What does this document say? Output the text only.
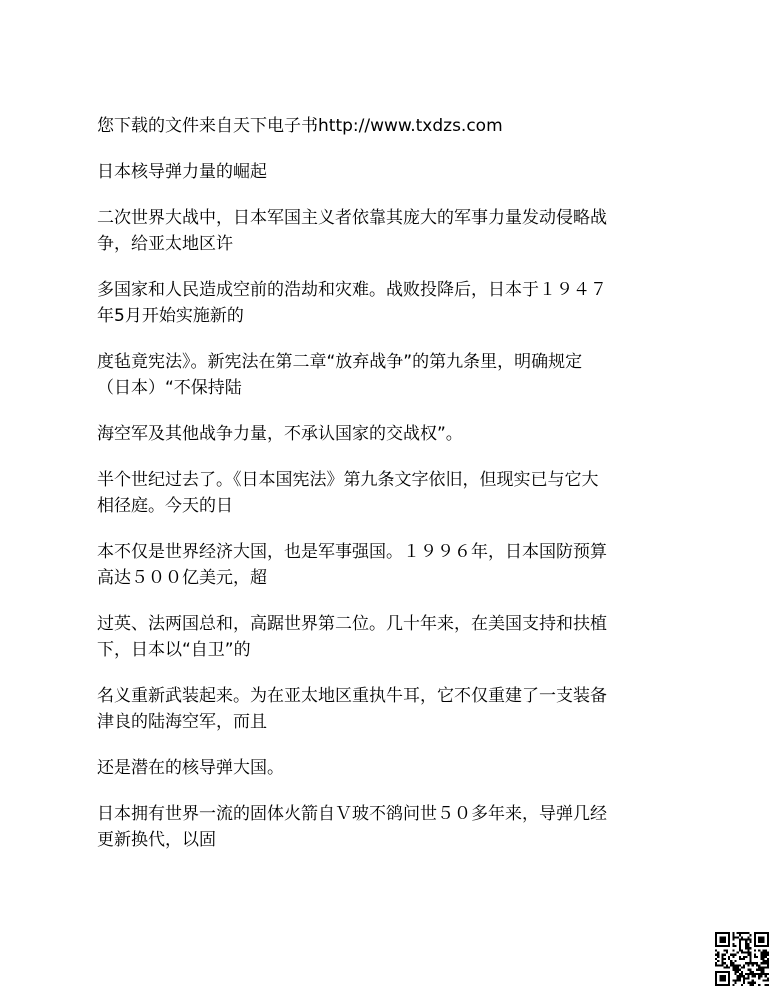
您下载的文件来自天下电子书http://www.txdzs.com

日本核导弹力量的崛起

二次世界大战中，日本军国主义者依靠其庞大的军事力量发动侵略战
争，给亚太地区许

多国家和人民造成空前的浩劫和灾难。战败投降后，日本于１９４７
年5月开始实施新的

度毡竟宪法》。新宪法在第二章“放弃战争”的第九条里，明确规定
（日本）“不保持陆

海空军及其他战争力量，不承认国家的交战权”。

半个世纪过去了。《日本国宪法》第九条文字依旧，但现实已与它大
相径庭。今天的日

本不仅是世界经济大国，也是军事强国。１９９６年，日本国防预算
高达５００亿美元，超

过英、法两国总和，高踞世界第二位。几十年来，在美国支持和扶植
下，日本以“自卫”的

名义重新武装起来。为在亚太地区重执牛耳，它不仅重建了一支装备
津良的陆海空军，而且

还是潜在的核导弹大国。

日本拥有世界一流的固体火箭自Ｖ玻不鹆问世５０多年来，导弹几经
更新换代，以固
